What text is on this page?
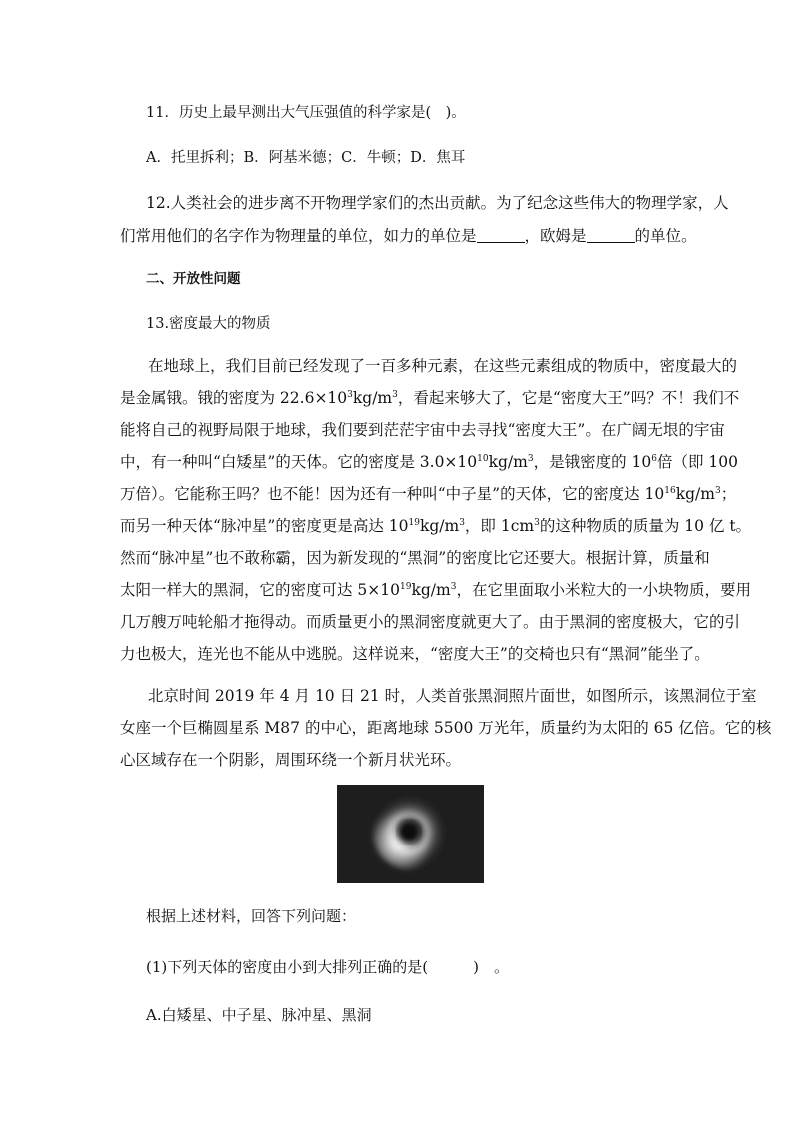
11．历史上最早测出大气压强值的科学家是(　)。
A．托里拆利；B．阿基米德；C．牛顿；D．焦耳
12.人类社会的进步离不开物理学家们的杰出贡献。为了纪念这些伟大的物理学家，人
们常用他们的名字作为物理量的单位，如力的单位是	，欧姆是	的单位。
二、开放性问题
13.密度最大的物质
在地球上，我们目前已经发现了一百多种元素，在这些元素组成的物质中，密度最大的
是金属锇。锇的密度为 $22.6\times 10^3kg/m^3$，看起来够大了，它是“密度大王”吗？不！我们不
能将自己的视野局限于地球，我们要到茫茫宇宙中去寻找“密度大王”。在广阔无垠的宇宙
中，有一种叫“白矮星”的天体。它的密度是 $3.0\times 10^{10}kg/m^3$，是锇密度的 $10^6$倍（即 100
万倍）。它能称王吗？也不能！因为还有一种叫“中子星”的天体，它的密度达 $10^{16}kg/m^3$；
而另一种天体“脉冲星”的密度更是高达 $10^{19}kg/m^3$，即 $1cm^3$的这种物质的质量为 10 亿 t。
然而“脉冲星”也不敢称霸，因为新发现的“黑洞”的密度比它还要大。根据计算，质量和
太阳一样大的黑洞，它的密度可达 $5\times 10^{19}kg/m^3$，在它里面取小米粒大的一小块物质，要用
几万艘万吨轮船才拖得动。而质量更小的黑洞密度就更大了。由于黑洞的密度极大，它的引
力也极大，连光也不能从中逃脱。这样说来，“密度大王”的交椅也只有“黑洞”能坐了。
北京时间 2019 年 4 月 10 日 21 时，人类首张黑洞照片面世，如图所示，该黑洞位于室
女座一个巨椭圆星系 M87 的中心，距离地球 5500 万光年，质量约为太阳的 65 亿倍。它的核
心区域存在一个阴影，周围环绕一个新月状光环。
根据上述材料，回答下列问题：
(1)下列天体的密度由小到大排列正确的是(　　　)　。
A.白矮星、中子星、脉冲星、黑洞
